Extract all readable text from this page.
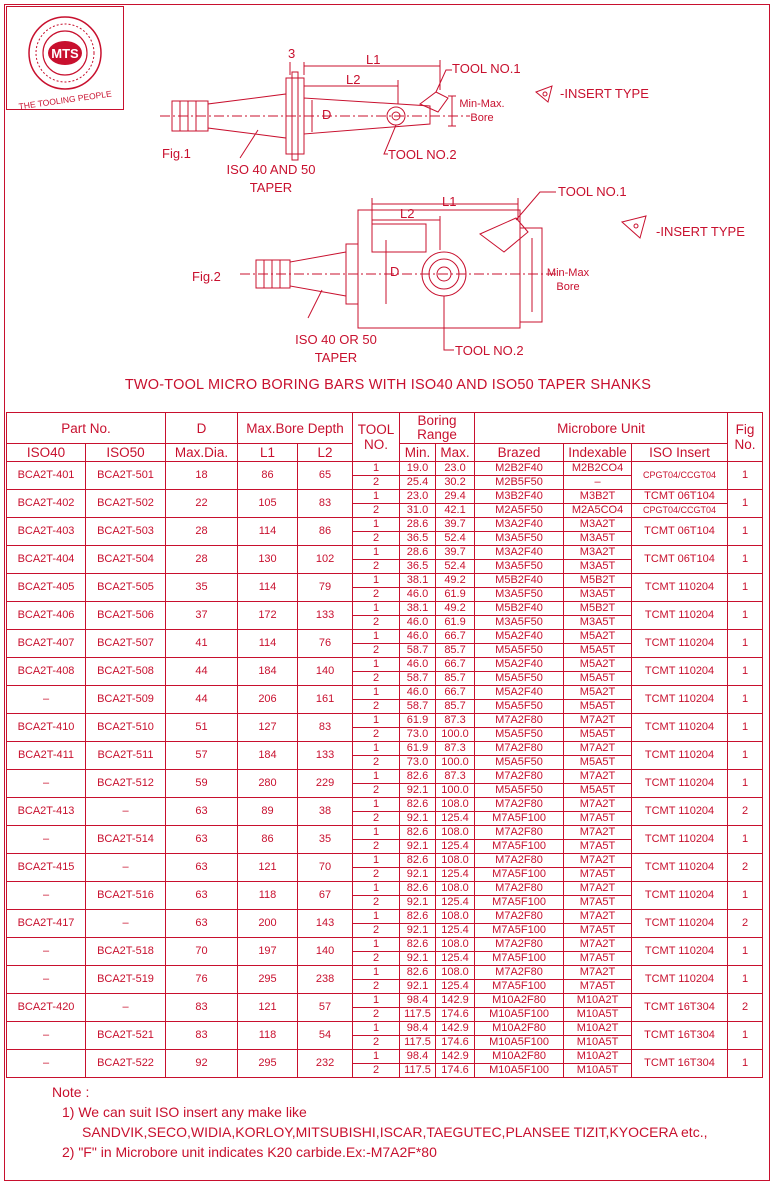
MTS
THE TOOLING PEOPLE
3	L1
L2
D
TOOL NO.1
TOOL NO.2
Min-Max.
Bore
-INSERT TYPE
Fig.1
ISO 40 AND 50
TAPER
L1
L2
D
TOOL NO.1
TOOL NO.2
Min-Max
Bore
-INSERT TYPE
Fig.2
ISO 40 OR 50
TAPER
TWO-TOOL MICRO BORING BARS WITH ISO40 AND ISO50 TAPER SHANKS
Part No.		D	Max.Bore Depth		TOOL
NO.	Boring
Range		Microbore Unit			Fig
No.
ISO40	ISO50	Max.Dia.	L1	L2		Min.	Max.	Brazed	Indexable	ISO Insert	
BCA2T-401	BCA2T-501	18	86	65	1	19.0	23.0	M2B2F40	M2B2CO4	CPGT04/CCGT04	1
					2	25.4	30.2	M2B5F50	–		
BCA2T-402	BCA2T-502	22	105	83	1	23.0	29.4	M3B2F40	M3B2T	TCMT 06T104	1
					2	31.0	42.1	M2A5F50	M2A5CO4	CPGT04/CCGT04	
BCA2T-403	BCA2T-503	28	114	86	1	28.6	39.7	M3A2F40	M3A2T	TCMT 06T104	1
					2	36.5	52.4	M3A5F50	M3A5T		
BCA2T-404	BCA2T-504	28	130	102	1	28.6	39.7	M3A2F40	M3A2T	TCMT 06T104	1
					2	36.5	52.4	M3A5F50	M3A5T		
BCA2T-405	BCA2T-505	35	114	79	1	38.1	49.2	M5B2F40	M5B2T	TCMT 110204	1
					2	46.0	61.9	M3A5F50	M3A5T		
BCA2T-406	BCA2T-506	37	172	133	1	38.1	49.2	M5B2F40	M5B2T	TCMT 110204	1
					2	46.0	61.9	M3A5F50	M3A5T		
BCA2T-407	BCA2T-507	41	114	76	1	46.0	66.7	M5A2F40	M5A2T	TCMT 110204	1
					2	58.7	85.7	M5A5F50	M5A5T		
BCA2T-408	BCA2T-508	44	184	140	1	46.0	66.7	M5A2F40	M5A2T	TCMT 110204	1
					2	58.7	85.7	M5A5F50	M5A5T		
–	BCA2T-509	44	206	161	1	46.0	66.7	M5A2F40	M5A2T	TCMT 110204	1
					2	58.7	85.7	M5A5F50	M5A5T		
BCA2T-410	BCA2T-510	51	127	83	1	61.9	87.3	M7A2F80	M7A2T	TCMT 110204	1
					2	73.0	100.0	M5A5F50	M5A5T		
BCA2T-411	BCA2T-511	57	184	133	1	61.9	87.3	M7A2F80	M7A2T	TCMT 110204	1
					2	73.0	100.0	M5A5F50	M5A5T		
–	BCA2T-512	59	280	229	1	82.6	87.3	M7A2F80	M7A2T	TCMT 110204	1
					2	92.1	100.0	M5A5F50	M5A5T		
BCA2T-413	–	63	89	38	1	82.6	108.0	M7A2F80	M7A2T	TCMT 110204	2
					2	92.1	125.4	M7A5F100	M7A5T		
–	BCA2T-514	63	86	35	1	82.6	108.0	M7A2F80	M7A2T	TCMT 110204	1
					2	92.1	125.4	M7A5F100	M7A5T		
BCA2T-415	–	63	121	70	1	82.6	108.0	M7A2F80	M7A2T	TCMT 110204	2
					2	92.1	125.4	M7A5F100	M7A5T		
–	BCA2T-516	63	118	67	1	82.6	108.0	M7A2F80	M7A2T	TCMT 110204	1
					2	92.1	125.4	M7A5F100	M7A5T		
BCA2T-417	–	63	200	143	1	82.6	108.0	M7A2F80	M7A2T	TCMT 110204	2
					2	92.1	125.4	M7A5F100	M7A5T		
–	BCA2T-518	70	197	140	1	82.6	108.0	M7A2F80	M7A2T	TCMT 110204	1
					2	92.1	125.4	M7A5F100	M7A5T		
–	BCA2T-519	76	295	238	1	82.6	108.0	M7A2F80	M7A2T	TCMT 110204	1
					2	92.1	125.4	M7A5F100	M7A5T		
BCA2T-420	–	83	121	57	1	98.4	142.9	M10A2F80	M10A2T	TCMT 16T304	2
					2	117.5	174.6	M10A5F100	M10A5T		
–	BCA2T-521	83	118	54	1	98.4	142.9	M10A2F80	M10A2T	TCMT 16T304	1
					2	117.5	174.6	M10A5F100	M10A5T		
–	BCA2T-522	92	295	232	1	98.4	142.9	M10A2F80	M10A2T	TCMT 16T304	1
					2	117.5	174.6	M10A5F100	M10A5T		
Note :
1) We can suit ISO insert any make like
SANDVIK,SECO,WIDIA,KORLOY,MITSUBISHI,ISCAR,TAEGUTEC,PLANSEE TIZIT,KYOCERA etc.,
2) "F" in Microbore unit indicates K20 carbide.Ex:-M7A2F*80
